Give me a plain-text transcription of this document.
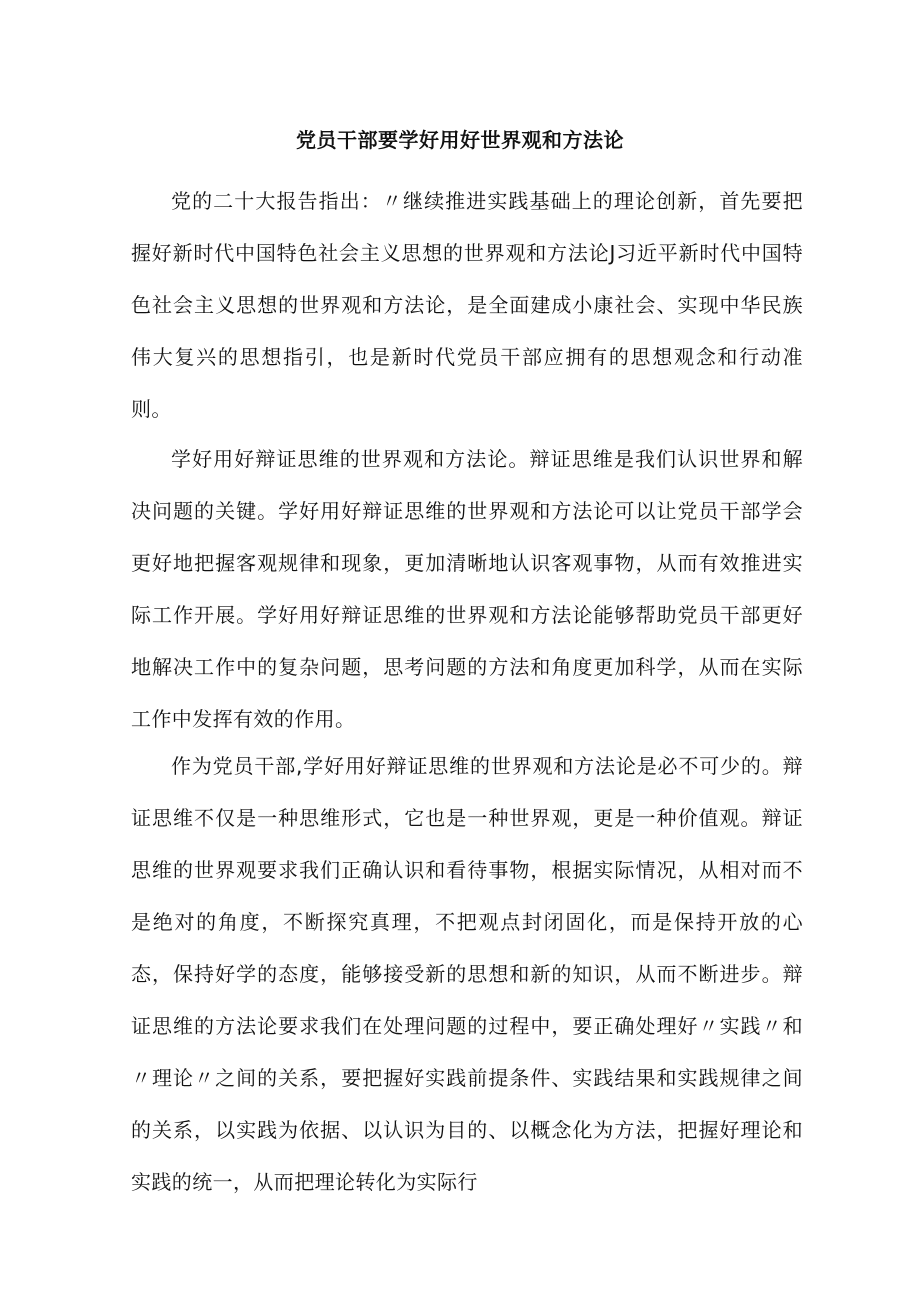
党员干部要学好用好世界观和方法论

党的二十大报告指出：〃继续推进实践基础上的理论创新，首先要把握好新时代中国特色社会主义思想的世界观和方法论J习近平新时代中国特色社会主义思想的世界观和方法论，是全面建成小康社会、实现中华民族伟大复兴的思想指引，也是新时代党员干部应拥有的思想观念和行动准则。

学好用好辩证思维的世界观和方法论。辩证思维是我们认识世界和解决问题的关键。学好用好辩证思维的世界观和方法论可以让党员干部学会更好地把握客观规律和现象，更加清晰地认识客观事物，从而有效推进实际工作开展。学好用好辩证思维的世界观和方法论能够帮助党员干部更好地解决工作中的复杂问题，思考问题的方法和角度更加科学，从而在实际工作中发挥有效的作用。

作为党员干部,学好用好辩证思维的世界观和方法论是必不可少的。辩证思维不仅是一种思维形式，它也是一种世界观，更是一种价值观。辩证思维的世界观要求我们正确认识和看待事物，根据实际情况，从相对而不是绝对的角度，不断探究真理，不把观点封闭固化，而是保持开放的心态，保持好学的态度，能够接受新的思想和新的知识，从而不断进步。辩证思维的方法论要求我们在处理问题的过程中，要正确处理好〃实践〃和〃理论〃之间的关系，要把握好实践前提条件、实践结果和实践规律之间的关系，以实践为依据、以认识为目的、以概念化为方法，把握好理论和实践的统一，从而把理论转化为实际行
